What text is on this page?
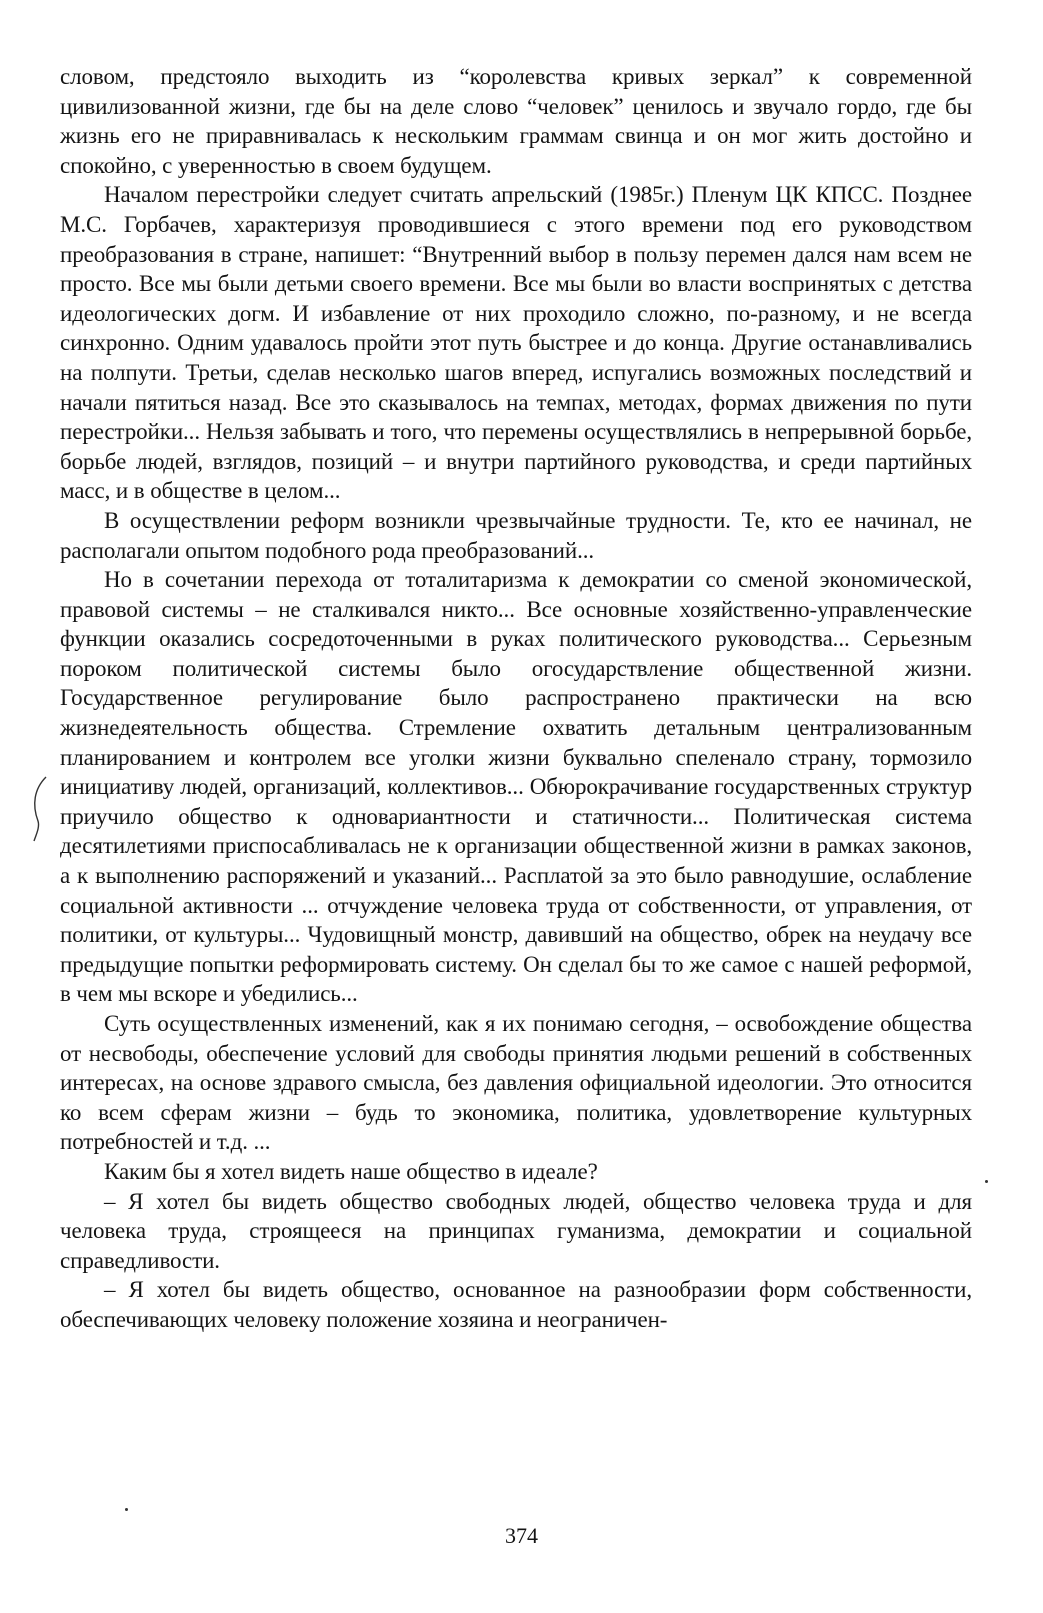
словом, предстояло выходить из “королевства кривых зеркал” к современной цивилизованной жизни, где бы на деле слово “человек” ценилось и звучало гордо, где бы жизнь его не приравнивалась к нескольким граммам свинца и он мог жить достойно и спокойно, с уверенностью в своем будущем.

Началом перестройки следует считать апрельский (1985г.) Пленум ЦК КПСС. Позднее М.С. Горбачев, характеризуя проводившиеся с этого времени под его руководством преобразования в стране, напишет: “Внутренний выбор в пользу перемен дался нам всем не просто. Все мы были детьми своего времени. Все мы были во власти воспринятых с детства идеологических догм. И избавление от них проходило сложно, по-разному, и не всегда синхронно. Одним удавалось пройти этот путь быстрее и до конца. Другие останавливались на полпути. Третьи, сделав несколько шагов вперед, испугались возможных последствий и начали пятиться назад. Все это сказывалось на темпах, методах, формах движения по пути перестройки... Нельзя забывать и того, что перемены осуществлялись в непрерывной борьбе, борьбе людей, взглядов, позиций – и внутри партийного руководства, и среди партийных масс, и в обществе в целом...

В осуществлении реформ возникли чрезвычайные трудности. Те, кто ее начинал, не располагали опытом подобного рода преобразований...

Но в сочетании перехода от тоталитаризма к демократии со сменой экономической, правовой системы – не сталкивался никто... Все основные хозяйственно-управленческие функции оказались сосредоточенными в руках политического руководства... Серьезным пороком политической системы было огосударствление общественной жизни. Государственное регулирование было распространено практически на всю жизнедеятельность общества. Стремление охватить детальным централизованным планированием и контролем все уголки жизни буквально спеленало страну, тормозило инициативу людей, организаций, коллективов... Обюрокрачивание государственных структур приучило общество к одновариантности и статичности... Политическая система десятилетиями приспосабливалась не к организации общественной жизни в рамках законов, а к выполнению распоряжений и указаний... Расплатой за это было равнодушие, ослабление социальной активности ... отчуждение человека труда от собственности, от управления, от политики, от культуры... Чудовищный монстр, давивший на общество, обрек на неудачу все предыдущие попытки реформировать систему. Он сделал бы то же самое с нашей реформой, в чем мы вскоре и убедились...

Суть осуществленных изменений, как я их понимаю сегодня, – освобождение общества от несвободы, обеспечение условий для свободы принятия людьми решений в собственных интересах, на основе здравого смысла, без давления официальной идеологии. Это относится ко всем сферам жизни – будь то экономика, политика, удовлетворение культурных потребностей и т.д. ...

Каким бы я хотел видеть наше общество в идеале?

– Я хотел бы видеть общество свободных людей, общество человека труда и для человека труда, строящееся на принципах гуманизма, демократии и социальной справедливости.

– Я хотел бы видеть общество, основанное на разнообразии форм собственности, обеспечивающих человеку положение хозяина и неограничен-

374
